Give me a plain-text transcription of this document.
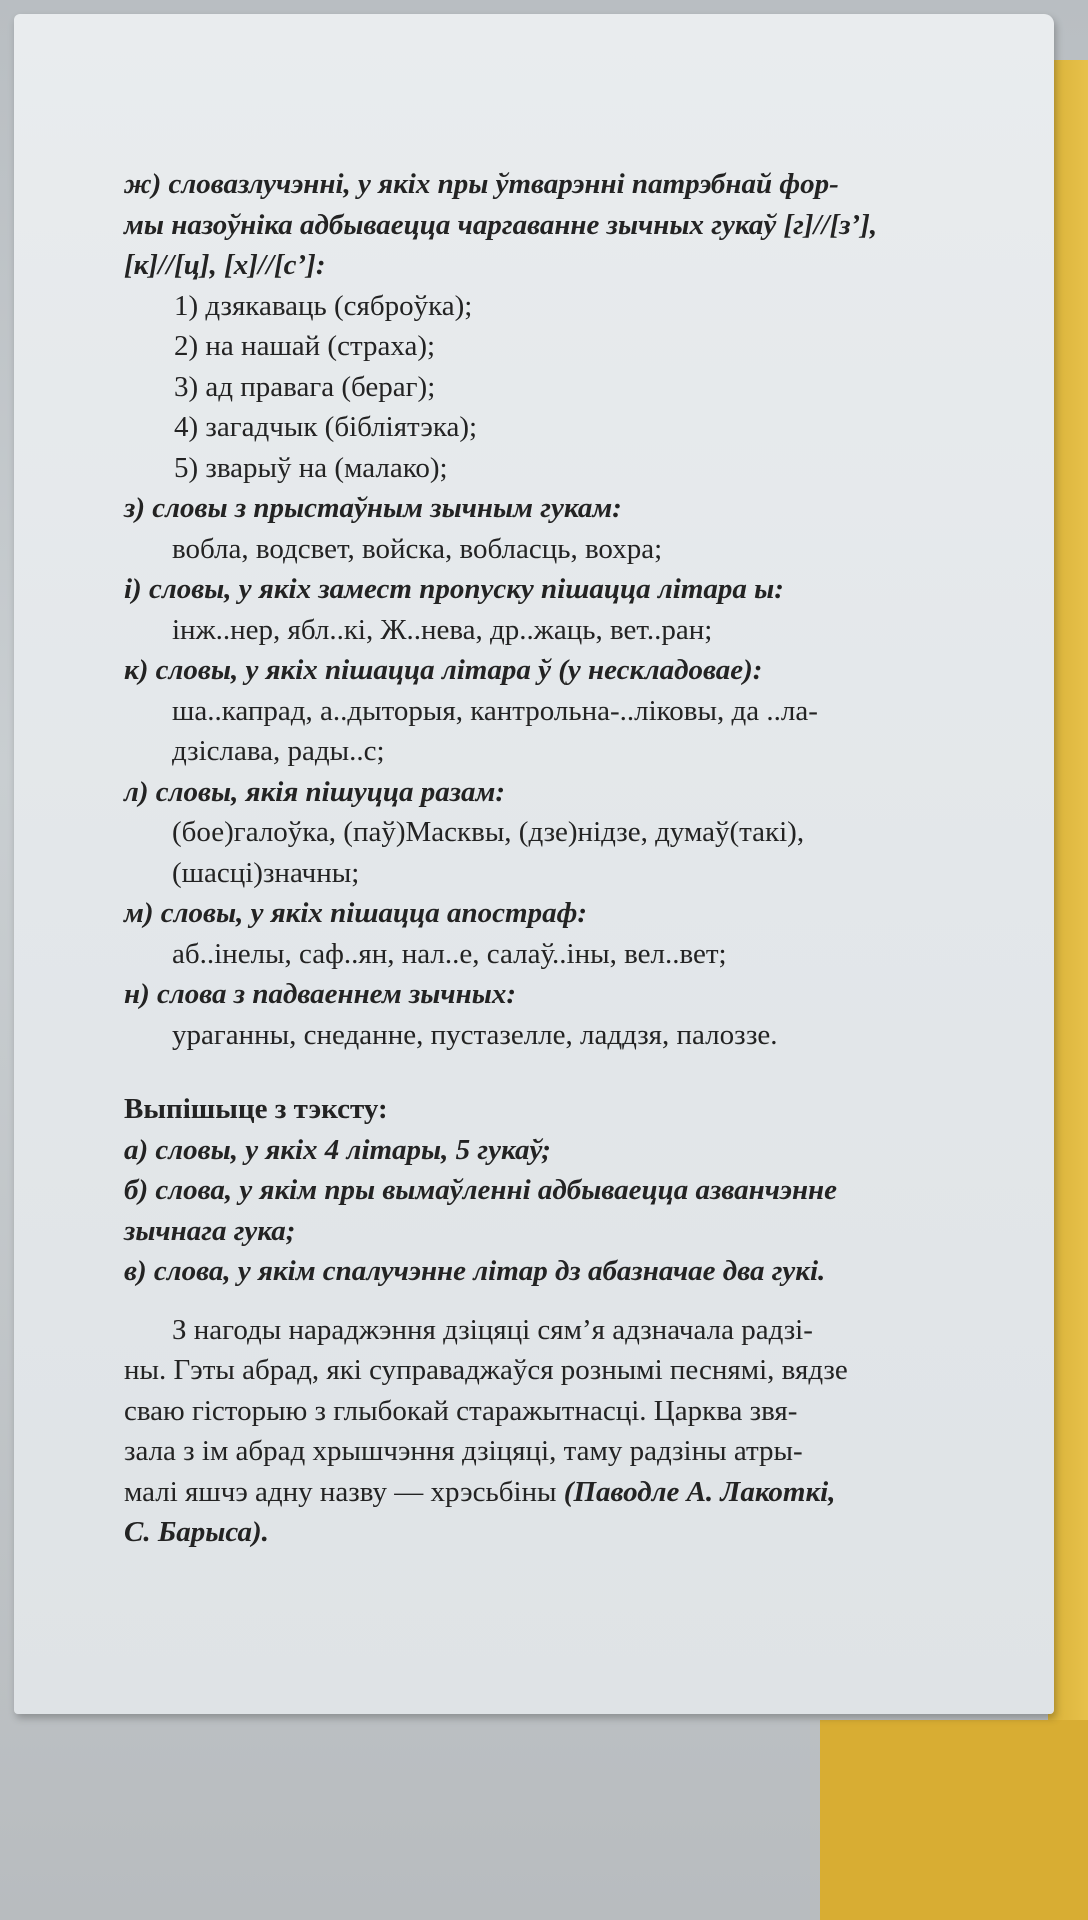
ж) словазлучэнні, у якіх пры ўтварэнні патрэбнай фор-
мы назоўніка адбываецца чаргаванне зычных гукаў [г]//[з’],
[к]//[ц], [х]//[с’]:
1) дзякаваць (сяброўка);
2) на нашай (страха);
3) ад правага (бераг);
4) загадчык (бібліятэка);
5) зварыў на (малако);
з) словы з прыстаўным зычным гукам:
вобла, водсвет, войска, вобласць, вохра;
і) словы, у якіх замест пропуску пішацца літара ы:
інж..нер, ябл..кі, Ж..нева, др..жаць, вет..ран;
к) словы, у якіх пішацца літара ў (у нескладовае):
ша..капрад, а..дыторыя, кантрольна-..ліковы, да ..ла-
дзіслава, рады..с;
л) словы, якія пішуцца разам:
(бое)галоўка, (паў)Масквы, (дзе)нідзе, думаў(такі),
(шасці)значны;
м) словы, у якіх пішацца апостраф:
аб..інелы, саф..ян, нал..е, салаў..іны, вел..вет;
н) слова з падваеннем зычных:
ураганны, снеданне, пустазелле, ладдзя, палоззе.
Выпішыце з тэксту:
а) словы, у якіх 4 літары, 5 гукаў;
б) слова, у якім пры вымаўленні адбываецца азванчэнне
зычнага гука;
в) слова, у якім спалучэнне літар дз абазначае два гукі.
З нагоды нараджэння дзіцяці сям’я адзначала радзі-
ны. Гэты абрад, які суправаджаўся рознымі песнямі, вядзе
сваю гісторыю з глыбокай старажытнасці. Царква звя-
зала з ім абрад хрышчэння дзіцяці, таму радзіны атры-
малі яшчэ адну назву — хрэсьбіны (Паводле А. Лакоткі,
С. Барыса).
